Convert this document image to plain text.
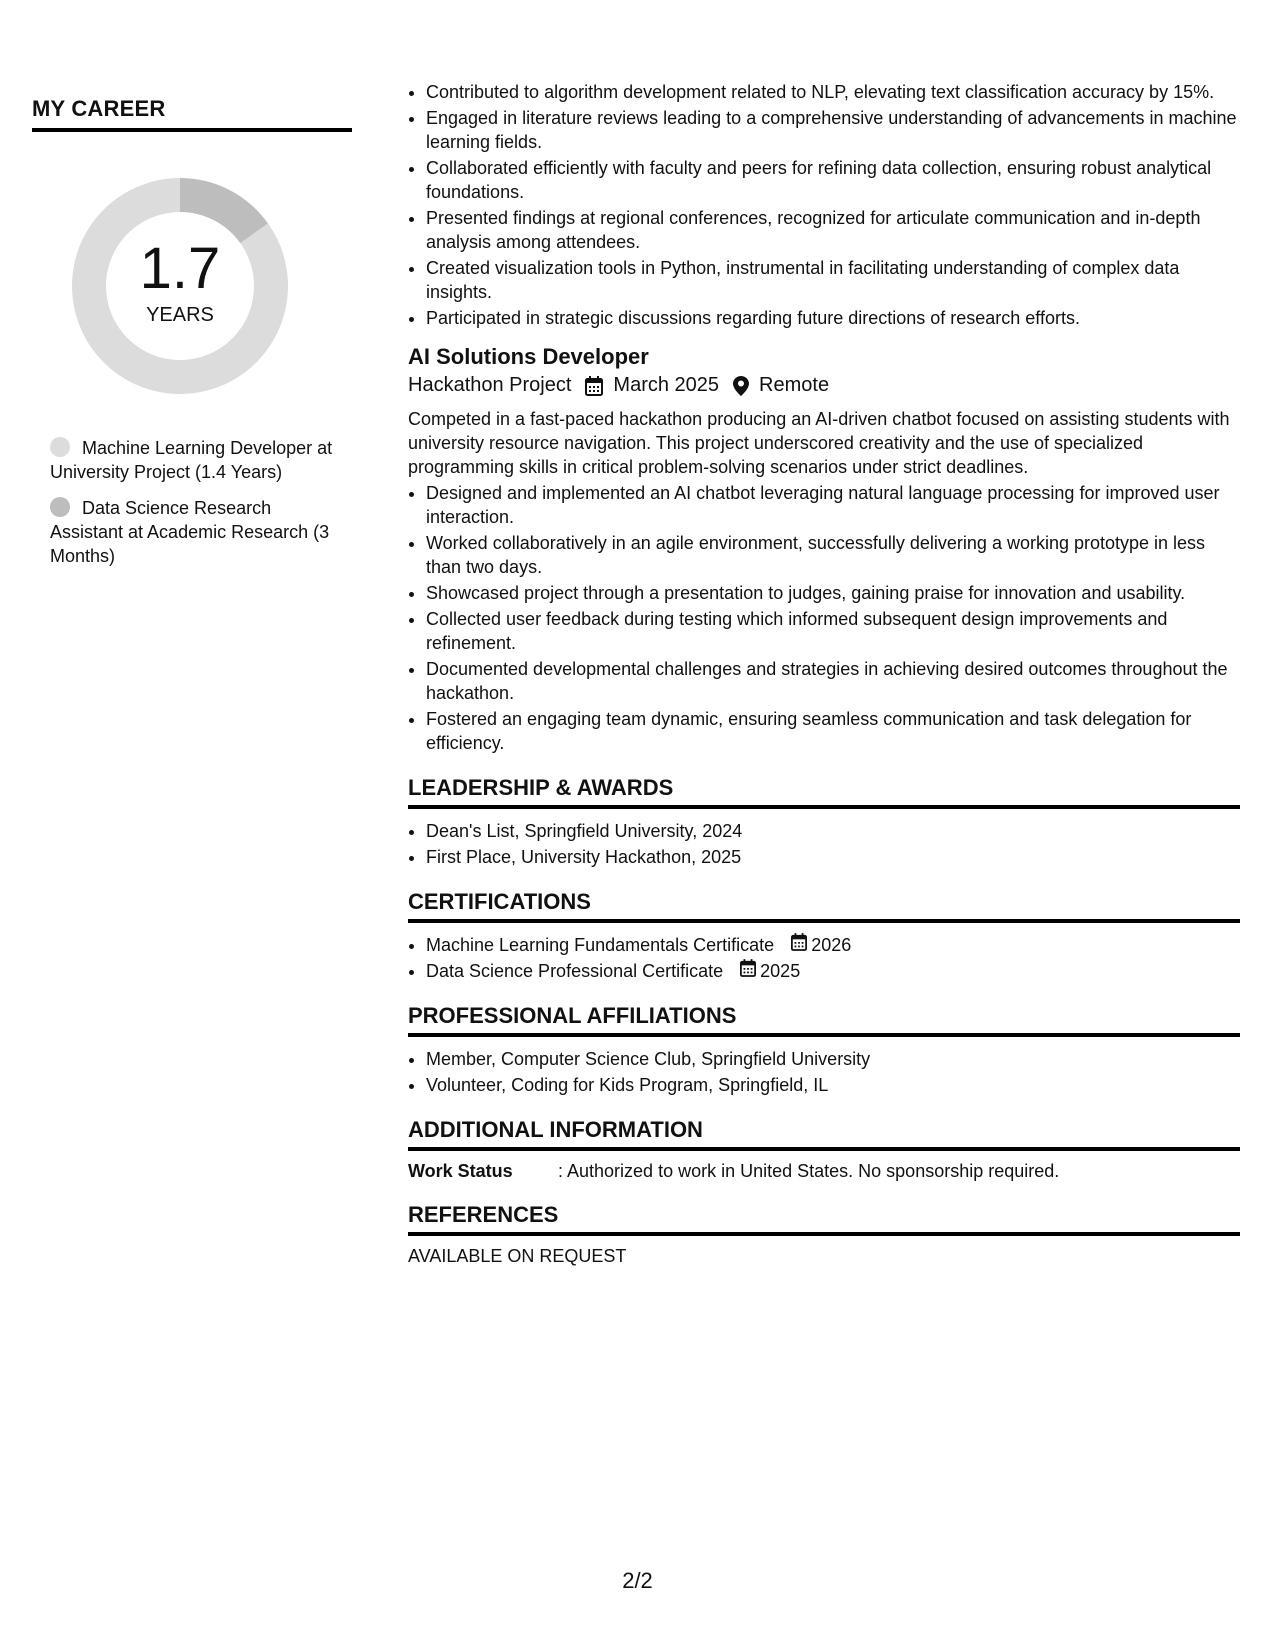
MY CAREER
1.7
YEARS
Machine Learning Developer at University Project (1.4 Years)
Data Science Research Assistant at Academic Research (3 Months)
• Contributed to algorithm development related to NLP, elevating text classification accuracy by 15%.
• Engaged in literature reviews leading to a comprehensive understanding of advancements in machine learning fields.
• Collaborated efficiently with faculty and peers for refining data collection, ensuring robust analytical foundations.
• Presented findings at regional conferences, recognized for articulate communication and in-depth analysis among attendees.
• Created visualization tools in Python, instrumental in facilitating understanding of complex data insights.
• Participated in strategic discussions regarding future directions of research efforts.
AI Solutions Developer
Hackathon Project March 2025 Remote

Competed in a fast-paced hackathon producing an AI-driven chatbot focused on assisting students with university resource navigation. This project underscored creativity and the use of specialized programming skills in critical problem-solving scenarios under strict deadlines.

• Designed and implemented an AI chatbot leveraging natural language processing for improved user interaction.
• Worked collaboratively in an agile environment, successfully delivering a working prototype in less than two days.
• Showcased project through a presentation to judges, gaining praise for innovation and usability.
• Collected user feedback during testing which informed subsequent design improvements and refinement.
• Documented developmental challenges and strategies in achieving desired outcomes throughout the hackathon.
• Fostered an engaging team dynamic, ensuring seamless communication and task delegation for efficiency.
LEADERSHIP & AWARDS
• Dean's List, Springfield University, 2024
• First Place, University Hackathon, 2025
CERTIFICATIONS
• Machine Learning Fundamentals Certificate 2026
• Data Science Professional Certificate 2025
PROFESSIONAL AFFILIATIONS
• Member, Computer Science Club, Springfield University
• Volunteer, Coding for Kids Program, Springfield, IL
ADDITIONAL INFORMATION
Work Status	: Authorized to work in United States. No sponsorship required.
REFERENCES
AVAILABLE ON REQUEST
2/2
